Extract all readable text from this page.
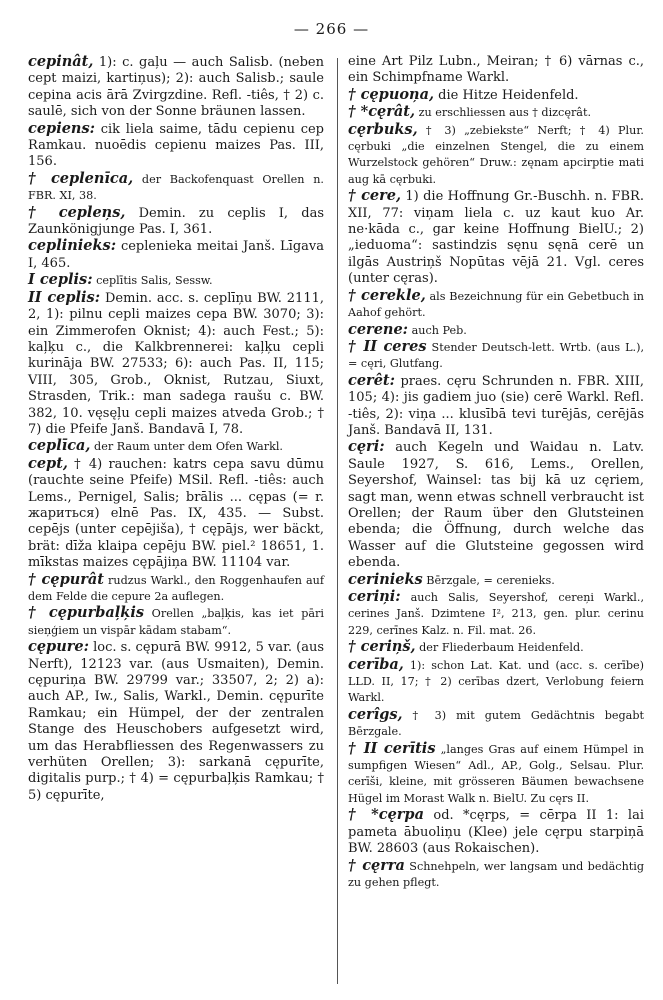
— 266 —

cepinât, 1): c. gaļu — auch Salisb. (neben cept maizi, kartiņus); 2): auch Salisb.; saule cepina acis ārā Zvirgzdine. Refl. -tiês, † 2) c. saulē, sich von der Sonne bräunen lassen.

cepiens: cik liela saime, tādu cepienu cep Ramkau. nuoēdis cepienu maizes Pas. III, 156.

† ceplenīca, der Backofenquast Orellen n. FBR. XI, 38.

† cepleņs, Demin. zu ceplis I, das Zaunkönigjunge Pas. I, 361.

ceplinieks: ceplenieka meitai Janš. Līgava I, 465.

I ceplis: ceplītis Salis, Sessw.

II ceplis: Demin. acc. s. ceplīņu BW. 2111, 2, 1): pilnu cepli maizes cepa BW. 3070; 3): ein Zimmerofen Oknist; 4): auch Fest.; 5): kaļķu c., die Kalkbrennerei: kaļķu cepli kurināja BW. 27533; 6): auch Pas. II, 115; VIII, 305, Grob., Oknist, Rutzau, Siuxt, Strasden, Trik.: man sadega raušu c. BW. 382, 10. vęsęļu cepli maizes atveda Grob.; † 7) die Pfeife Janš. Bandavā I, 78.

ceplīca, der Raum unter dem Ofen Warkl.

cept, † 4) rauchen: katrs cepa savu dūmu (rauchte seine Pfeife) MSil. Refl. -tiês: auch Lems., Pernigel, Salis; brālis ... cępas (= r. жариться) elnē Pas. IX, 435. — Subst. cepējs (unter cepējiša), † cępājs, wer bäckt, brät: dīža klaipa cepēju BW. piel.² 18651, 1. mīkstas maizes cępājiņa BW. 11104 var.

† cępurât rudzus Warkl., den Roggenhaufen auf dem Felde die cepure 2a auflegen.

† cępurbaļķis Orellen „baļķis, kas iet pāri sieņģiem un vispār kādam stabam“.

cępure: loc. s. cępurā BW. 9912, 5 var. (aus Nerft), 12123 var. (aus Usmaiten), Demin. cępuriņa BW. 29799 var.; 33507, 2; 2) a): auch AP., Iw., Salis, Warkl., Demin. cępurīte Ramkau; ein Hümpel, der der zentralen Stange des Heuschobers aufgesetzt wird, um das Herabfliessen des Regenwassers zu verhüten Orellen; 3): sarkanā cępurīte, digitalis purp.; † 4) = cępurbaļķis Ramkau; † 5) cępurīte,

eine Art Pilz Lubn., Meiran; † 6) vārnas c., ein Schimpfname Warkl.

† cępuoņa, die Hitze Heidenfeld.

† *cęrât, zu erschliessen aus † dizcęrât.

cęrbuks, † 3) „zebiekste“ Nerft; † 4) Plur. cęrbuki „die einzelnen Stengel, die zu einem Wurzelstock gehören“ Druw.: zęnam apcirptie mati aug kā cęrbuki.

† cere, 1) die Hoffnung Gr.-Buschh. n. FBR. XII, 77: viņam liela c. uz kaut kuo Ar. ne·kāda c., gar keine Hoffnung BielU.; 2) „ieduoma“: sastindzis sęnu sęnā cerē un ilgās Austriņš Nopūtas vējā 21. Vgl. ceres (unter cęras).

† cerekle, als Bezeichnung für ein Gebetbuch in Aahof gehört.

cerene: auch Peb.

† II ceres Stender Deutsch-lett. Wrtb. (aus L.), = cęri, Glutfang.

cerêt: praes. cęru Schrunden n. FBR. XIII, 105; 4): jis gadiem juo (sie) cerē Warkl. Refl. -tiês, 2): viņa ... klusībā tevi turējās, cerējās Janš. Bandavā II, 131.

cęri: auch Kegeln und Waidau n. Latv. Saule 1927, S. 616, Lems., Orellen, Seyershof, Wainsel: tas bij kā uz cęriem, sagt man, wenn etwas schnell verbraucht ist Orellen; der Raum über den Glutsteinen ebenda; die Öffnung, durch welche das Wasser auf die Glutsteine gegossen wird ebenda.

cerinieks Bērzgale, = cerenieks.

ceriņi: auch Salis, Seyershof, cereņi Warkl., cerines Janš. Dzimtene I², 213, gen. plur. cerinu 229, cerīnes Kalz. n. Fil. mat. 26.

† ceriņš, der Fliederbaum Heidenfeld.

cerība, 1): schon Lat. Kat. und (acc. s. cerībe) LLD. II, 17; † 2) cerības dzert, Verlobung feiern Warkl.

cerîgs, † 3) mit gutem Gedächtnis begabt Bērzgale.

† II cerītis „langes Gras auf einem Hümpel in sumpfigen Wiesen“ Adl., AP., Golg., Selsau. Plur. cerīši, kleine, mit grösseren Bäumen bewachsene Hügel im Morast Walk n. BielU. Zu cęrs II.

† *cęrpa od. *cęrps, = cērpa II 1: lai pameta ābuoliņu (Klee) jele cęrpu starpiņā BW. 28603 (aus Rokaischen).

† cęrra Schnehpeln, wer langsam und bedächtig zu gehen pflegt.
